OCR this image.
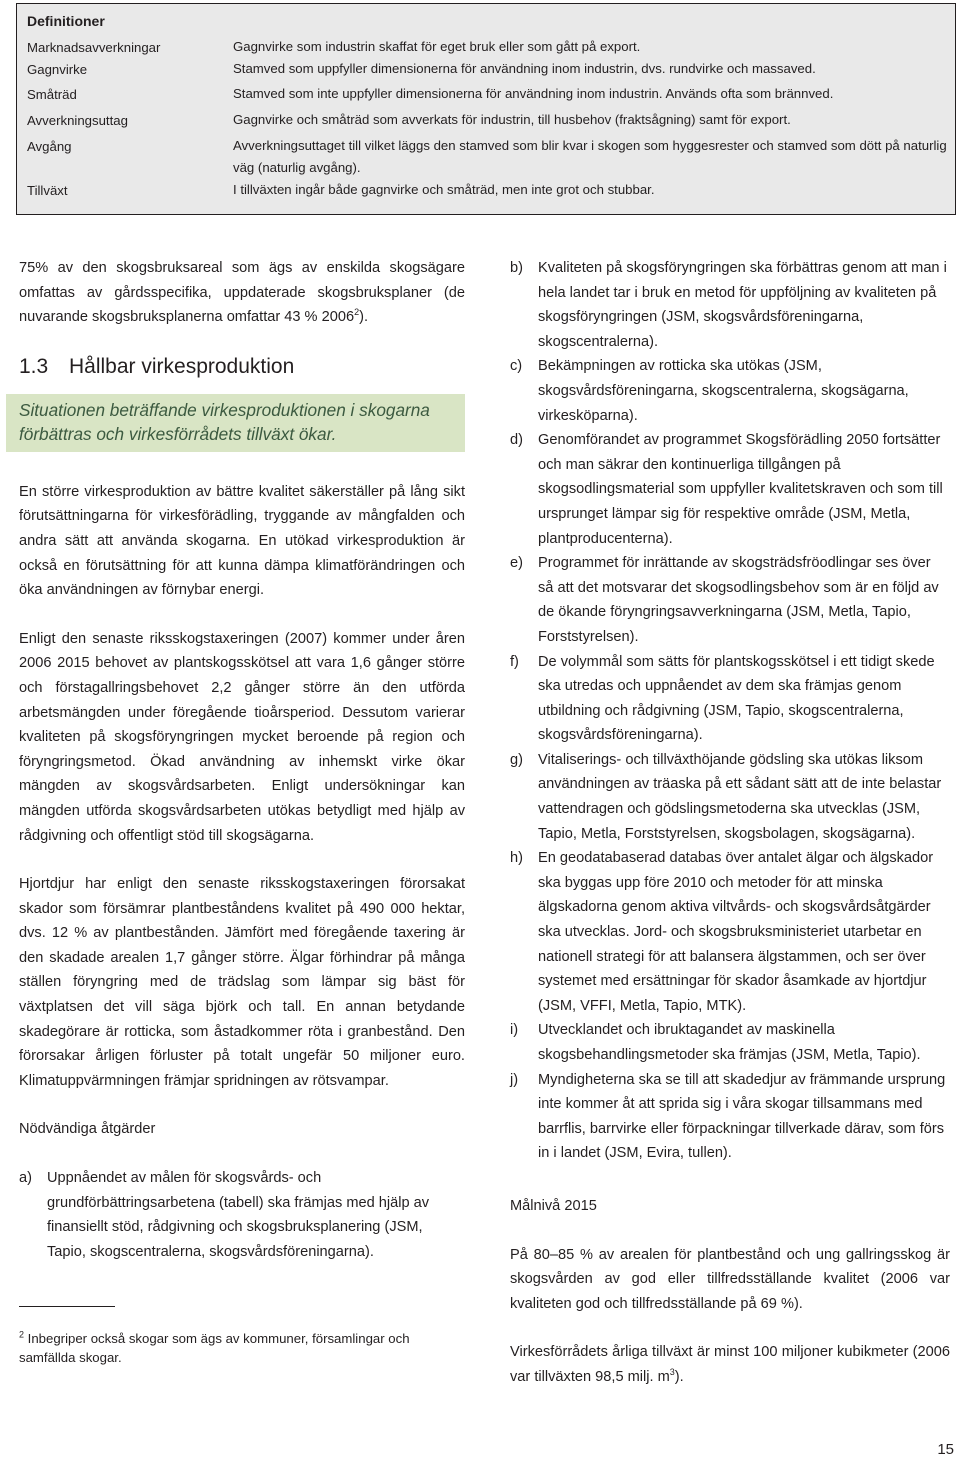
Definitioner
Marknadsavverkningar	Gagnvirke som industrin skaffat för eget bruk eller som gått på export.
Gagnvirke	Stamved som uppfyller dimensionerna för användning inom industrin, dvs. rundvirke och massaved.
Småträd	Stamved som inte uppfyller dimensionerna för användning inom industrin. Används ofta som brännved.
Avverkningsuttag	Gagnvirke och småträd som avverkats för industrin, till husbehov (fraktsågning) samt för export.
Avgång	Avverkningsuttaget till vilket läggs den stamved som blir kvar i skogen som hyggesrester och stamved som dött på naturlig väg (naturlig avgång).
Tillväxt	I tillväxten ingår både gagnvirke och småträd, men inte grot och stubbar.

75% av den skogsbruksareal som ägs av enskilda skogsägare omfattas av gårdsspecifika, uppdaterade skogsbruksplaner (de nuvarande skogsbruksplanerna omfattar 43 % 2006$^2$).

1.3 Hållbar virkesproduktion
Situationen beträffande virkesproduktionen i skogarna förbättras och virkesförrådets tillväxt ökar.

En större virkesproduktion av bättre kvalitet säkerställer på lång sikt förutsättningarna för virkesförädling, tryggande av mångfalden och andra sätt att använda skogarna. En utökad virkesproduktion är också en förutsättning för att kunna dämpa klimatförändringen och öka användningen av förnybar energi.

Enligt den senaste riksskogstaxeringen (2007) kommer under åren 2006 2015 behovet av plantskogsskötsel att vara 1,6 gånger större och förstagallringsbehovet 2,2 gånger större än den utförda arbetsmängden under föregående tioårsperiod. Dessutom varierar kvaliteten på skogsföryngringen mycket beroende på region och föryngringsmetod. Ökad användning av inhemskt virke ökar mängden av skogsvårdsarbeten. Enligt undersökningar kan mängden utförda skogsvårdsarbeten utökas betydligt med hjälp av rådgivning och offentligt stöd till skogsägarna.

Hjortdjur har enligt den senaste riksskogstaxeringen förorsakat skador som försämrar plantbeståndens kvalitet på 490 000 hektar, dvs. 12 % av plantbestånden. Jämfört med föregående taxering är den skadade arealen 1,7 gånger större. Älgar förhindrar på många ställen föryngring med de trädslag som lämpar sig bäst för växtplatsen det vill säga björk och tall. En annan betydande skadegörare är rotticka, som åstadkommer röta i granbestånd. Den förorsakar årligen förluster på totalt ungefär 50 miljoner euro. Klimatuppvärmningen främjar spridningen av rötsvampar.

Nödvändiga åtgärder

a) Uppnåendet av målen för skogsvårds- och grundförbättringsarbetena (tabell) ska främjas med hjälp av finansiellt stöd, rådgivning och skogsbruksplanering (JSM, Tapio, skogscentralerna, skogsvårdsföreningarna).
b) Kvaliteten på skogsföryngringen ska förbättras genom att man i hela landet tar i bruk en metod för uppföljning av kvaliteten på skogsföryngringen (JSM, skogsvårdsföreningarna, skogscentralerna).
c) Bekämpningen av rotticka ska utökas (JSM, skogsvårdsföreningarna, skogscentralerna, skogsägarna, virkesköparna).
d) Genomförandet av programmet Skogsförädling 2050 fortsätter och man säkrar den kontinuerliga tillgången på skogsodlingsmaterial som uppfyller kvalitetskraven och som till ursprunget lämpar sig för respektive område (JSM, Metla, plantproducenterna).
e) Programmet för inrättande av skogsträdsfröodlingar ses över så att det motsvarar det skogsodlingsbehov som är en följd av de ökande föryngringsavverkningarna (JSM, Metla, Tapio, Forststyrelsen).
f) De volymmål som sätts för plantskogsskötsel i ett tidigt skede ska utredas och uppnåendet av dem ska främjas genom utbildning och rådgivning (JSM, Tapio, skogscentralerna, skogsvårdsföreningarna).
g) Vitaliserings- och tillväxthöjande gödsling ska utökas liksom användningen av träaska på ett sådant sätt att de inte belastar vattendragen och gödslingsmetoderna ska utvecklas (JSM, Tapio, Metla, Forststyrelsen, skogsbolagen, skogsägarna).
h) En geodatabaserad databas över antalet älgar och älgskador ska byggas upp före 2010 och metoder för att minska älgskadorna genom aktiva viltvårds- och skogsvårdsåtgärder ska utvecklas. Jord- och skogsbruksministeriet utarbetar en nationell strategi för att balansera älgstammen, och ser över systemet med ersättningar för skador åsamkade av hjortdjur (JSM, VFFI, Metla, Tapio, MTK).
i) Utvecklandet och ibruktagandet av maskinella skogsbehandlingsmetoder ska främjas (JSM, Metla, Tapio).
j) Myndigheterna ska se till att skadedjur av främmande ursprung inte kommer åt att sprida sig i våra skogar tillsammans med barrflis, barrvirke eller förpackningar tillverkade därav, som förs in i landet (JSM, Evira, tullen).

Målnivå 2015

På 80–85 % av arealen för plantbestånd och ung gallringsskog är skogsvården av god eller tillfredsställande kvalitet (2006 var kvaliteten god och tillfredsställande på 69 %).

Virkesförrådets årliga tillväxt är minst 100 miljoner kubikmeter (2006 var tillväxten 98,5 milj. $m^3$).

$^2$ Inbegriper också skogar som ägs av kommuner, församlingar och samfällda skogar.
15
